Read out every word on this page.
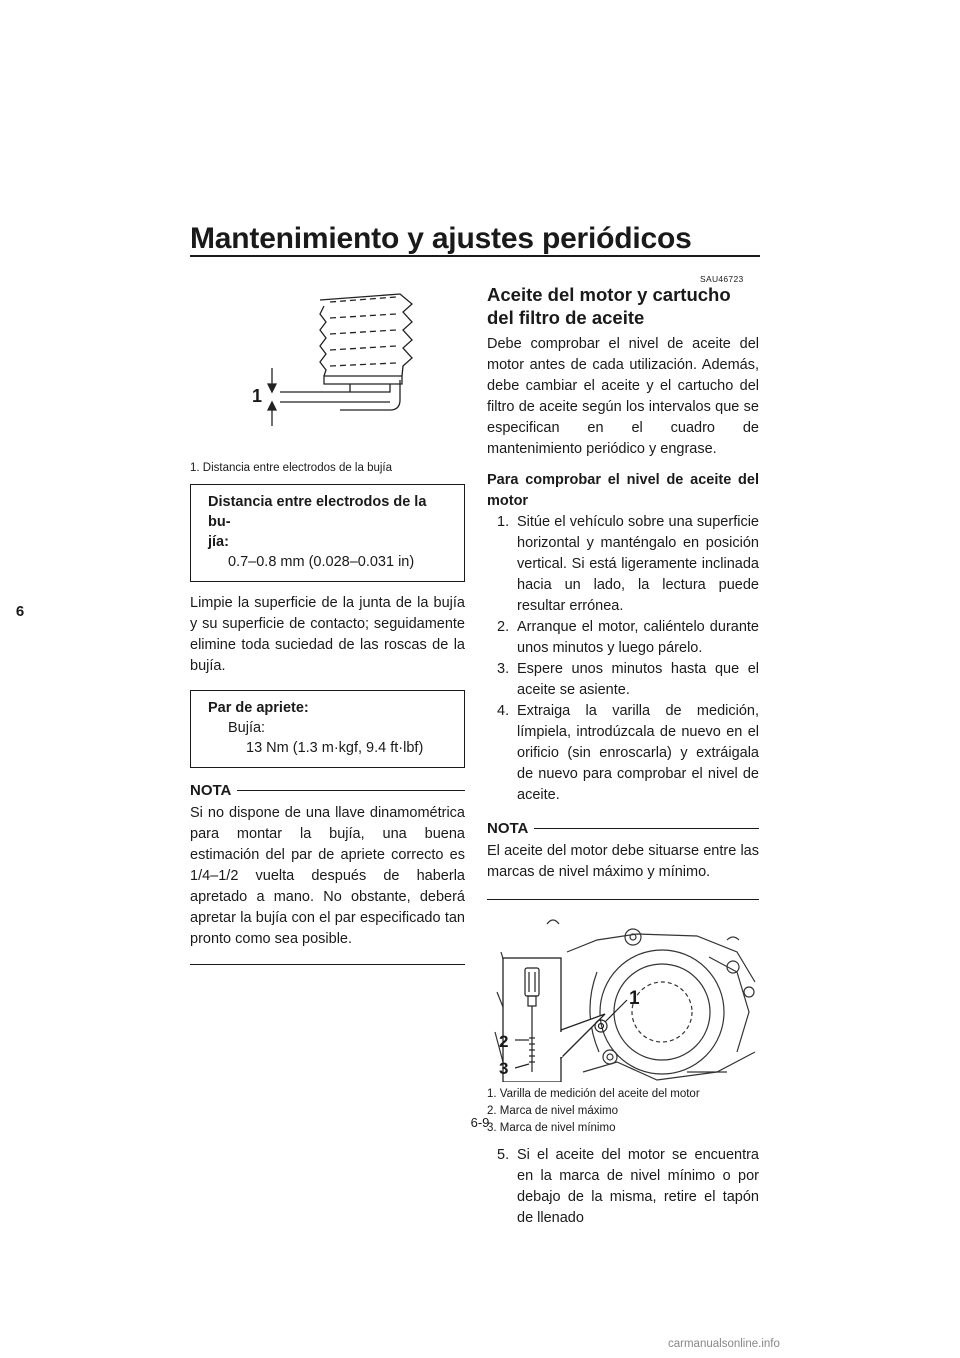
Mantenimiento y ajustes periódicos
6
1
1. Distancia entre electrodos de la bujía
Distancia entre electrodos de la bu-
jía:
0.7–0.8 mm (0.028–0.031 in)
Limpie la superficie de la junta de la bujía y su superficie de contacto; seguidamente elimine toda suciedad de las roscas de la bujía.
Par de apriete:
Bujía:
13 Nm (1.3 m·kgf, 9.4 ft·lbf)
NOTA
Si no dispone de una llave dinamométrica para montar la bujía, una buena estimación del par de apriete correcto es 1/4–1/2 vuelta después de haberla apretado a mano. No obstante, deberá apretar la bujía con el par especificado tan pronto como sea posible.
SAU46723
Aceite del motor y cartucho del filtro de aceite
Debe comprobar el nivel de aceite del motor antes de cada utilización. Además, debe cambiar el aceite y el cartucho del filtro de aceite según los intervalos que se especifican en el cuadro de mantenimiento periódico y engrase.
Para comprobar el nivel de aceite del motor
1. Sitúe el vehículo sobre una superficie horizontal y manténgalo en posición vertical. Si está ligeramente inclinada hacia un lado, la lectura puede resultar errónea.
2. Arranque el motor, caliéntelo durante unos minutos y luego párelo.
3. Espere unos minutos hasta que el aceite se asiente.
4. Extraiga la varilla de medición, límpiela, introdúzcala de nuevo en el orificio (sin enroscarla) y extráigala de nuevo para comprobar el nivel de aceite.
NOTA
El aceite del motor debe situarse entre las marcas de nivel máximo y mínimo.
1
2
3
1. Varilla de medición del aceite del motor
2. Marca de nivel máximo
3. Marca de nivel mínimo
5. Si el aceite del motor se encuentra en la marca de nivel mínimo o por debajo de la misma, retire el tapón de llenado
6-9
carmanualsonline.info
